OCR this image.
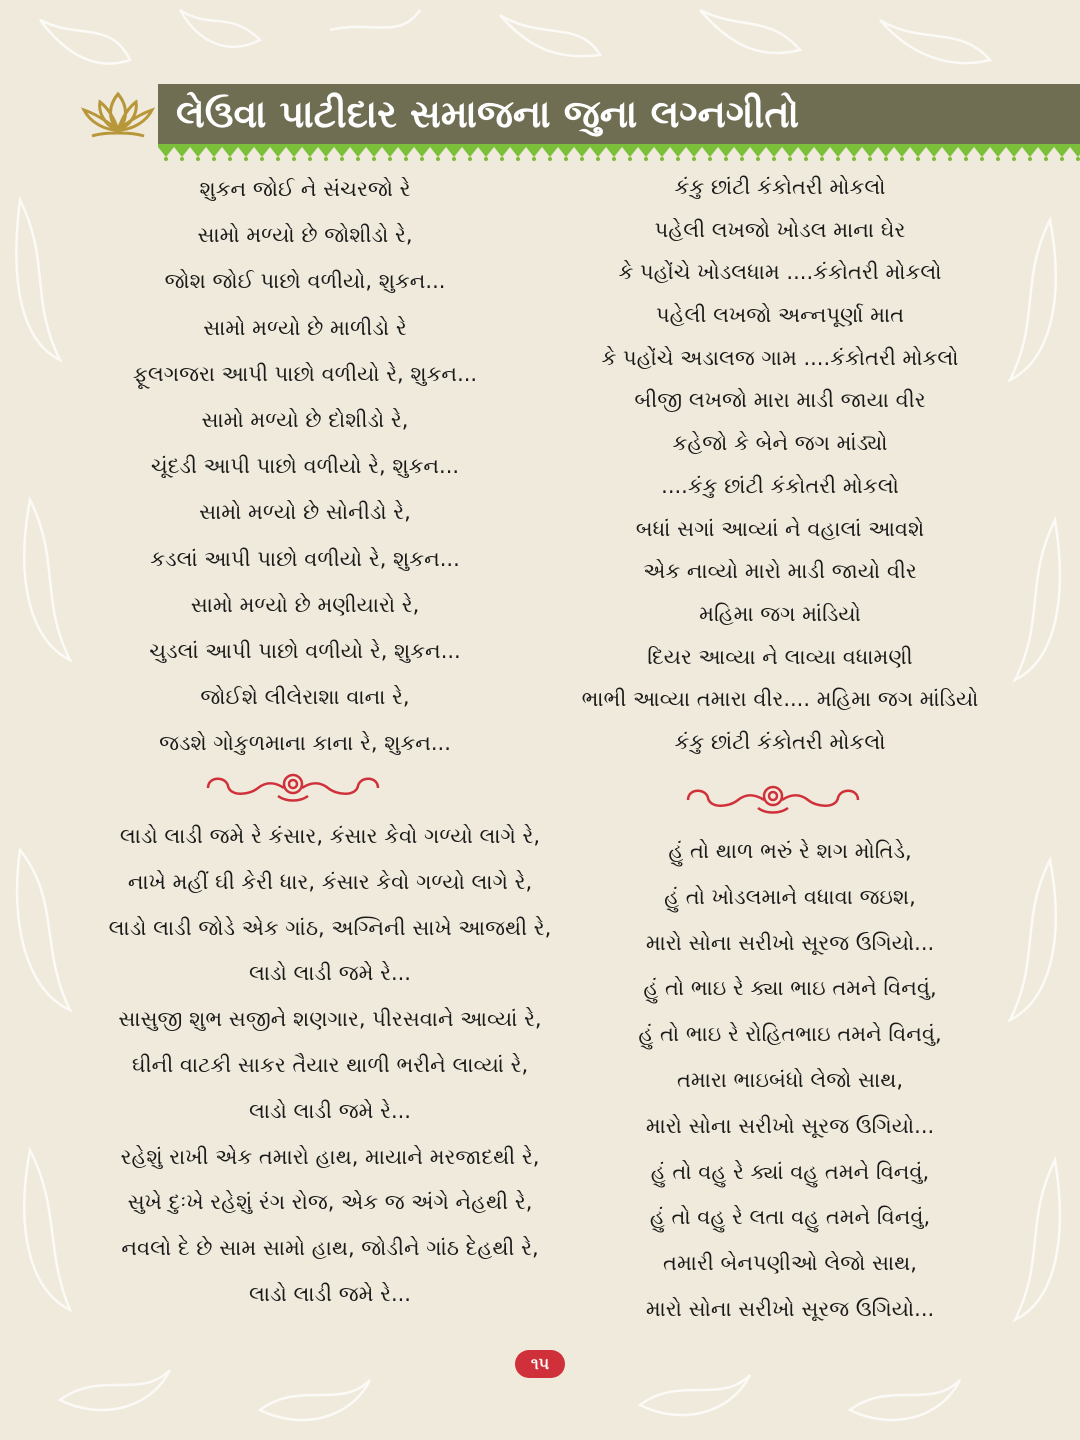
લેઉવા પાટીદાર સમાજના જુના લગ્નગીતો
શુકન જોઈ ને સંચરજો રે
સામો મળ્યો છે જોશીડો રે,
જોશ જોઈ પાછો વળીયો, શુકન...
સામો મળ્યો છે માળીડો રે
ફૂલગજરા આપી પાછો વળીયો રે, શુકન...
સામો મળ્યો છે દોશીડો રે,
ચૂંદડી આપી પાછો વળીયો રે, શુકન...
સામો મળ્યો છે સોનીડો રે,
કડલાં આપી પાછો વળીયો રે, શુકન...
સામો મળ્યો છે મણીયારો રે,
ચુડલાં આપી પાછો વળીયો રે, શુકન...
જોઈશે લીલેરાશા વાના રે,
જડશે ગોકુળમાના કાના રે, શુકન...
કંકુ છાંટી કંકોતરી મોકલો
પહેલી લખજો ખોડલ માના ઘેર
કે પહોંચે ખોડલધામ ....કંકોતરી મોકલો
પહેલી લખજો અન્નપૂર્ણા માત
કે પહોંચે અડાલજ ગામ ....કંકોતરી મોકલો
બીજી લખજો મારા માડી જાયા વીર
કહેજો કે બેને જગ માંડ્યો
....કંકુ છાંટી કંકોતરી મોકલો
બધાં સગાં આવ્યાં ને વહાલાં આવશે
એક નાવ્યો મારો માડી જાયો વીર
મહિમા જગ માંડિયો
દિયર આવ્યા ને લાવ્યા વધામણી
ભાભી આવ્યા તમારા વીર.... મહિમા જગ માંડિયો
કંકુ છાંટી કંકોતરી મોકલો
લાડો લાડી જમે રે કંસાર, કંસાર કેવો ગળ્યો લાગે રે,
નાખે મહીં ઘી કેરી ધાર, કંસાર કેવો ગળ્યો લાગે રે,
લાડો લાડી જોડે એક ગાંઠ, અગ્નિની સાખે આજથી રે,
લાડો લાડી જમે રે...
સાસુજી શુભ સજીને શણગાર, પીરસવાને આવ્યાં રે,
ઘીની વાટકી સાકર તૈયાર થાળી ભરીને લાવ્યાં રે,
લાડો લાડી જમે રે...
રહેશું રાખી એક તમારો હાથ, માયાને મરજાદથી રે,
સુખે દુઃખે રહેશું રંગ રોજ, એક જ અંગે નેહથી રે,
નવલો દે છે સામ સામો હાથ, જોડીને ગાંઠ દેહથી રે,
લાડો લાડી જમે રે...
હું તો થાળ ભરું રે શગ મોતિડે,
હું તો ખોડલમાને વધાવા જઇશ,
મારો સોના સરીખો સૂરજ ઉગિયો...
હું તો ભાઇ રે ક્યા ભાઇ તમને વિનવું,
હું તો ભાઇ રે રોહિતભાઇ તમને વિનવું,
તમારા ભાઇબંધો લેજો સાથ,
મારો સોના સરીખો સૂરજ ઉગિયો...
હું તો વહુ રે ક્યાં વહુ તમને વિનવું,
હું તો વહુ રે લતા વહુ તમને વિનવું,
તમારી બેનપણીઓ લેજો સાથ,
મારો સોના સરીખો સૂરજ ઉગિયો...
૧૫
